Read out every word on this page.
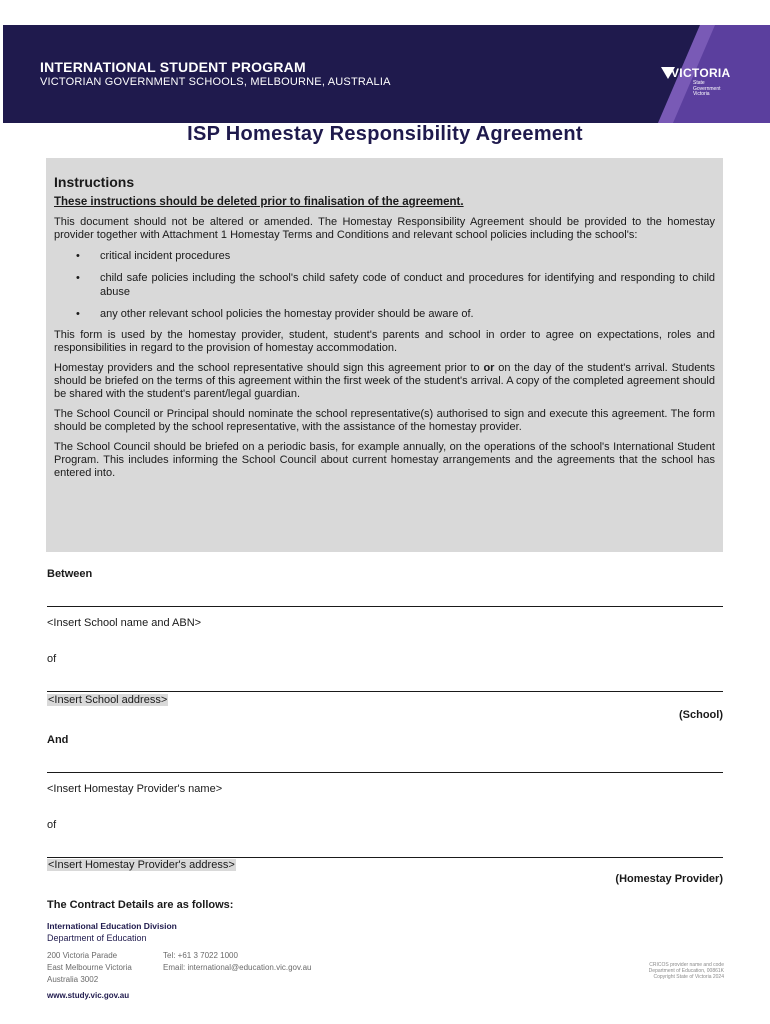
INTERNATIONAL STUDENT PROGRAM
VICTORIAN GOVERNMENT SCHOOLS, MELBOURNE, AUSTRALIA
VICTORIA
State
Government
Victoria
ISP Homestay Responsibility Agreement
Instructions
These instructions should be deleted prior to finalisation of the agreement.

This document should not be altered or amended. The Homestay Responsibility Agreement should be provided to the homestay provider together with Attachment 1 Homestay Terms and Conditions and relevant school policies including the school's:

• critical incident procedures
• child safe policies including the school's child safety code of conduct and procedures for identifying and responding to child abuse
• any other relevant school policies the homestay provider should be aware of.

This form is used by the homestay provider, student, student's parents and school in order to agree on expectations, roles and responsibilities in regard to the provision of homestay accommodation.

Homestay providers and the school representative should sign this agreement prior to or on the day of the student's arrival. Students should be briefed on the terms of this agreement within the first week of the student's arrival. A copy of the completed agreement should be shared with the student's parent/legal guardian.

The School Council or Principal should nominate the school representative(s) authorised to sign and execute this agreement. The form should be completed by the school representative, with the assistance of the homestay provider.

The School Council should be briefed on a periodic basis, for example annually, on the operations of the school's International Student Program. This includes informing the School Council about current homestay arrangements and the agreements that the school has entered into.

Between
<Insert School name and ABN>
of
<Insert School address>
(School)
And
<Insert Homestay Provider's name>
of
<Insert Homestay Provider's address>
(Homestay Provider)
The Contract Details are as follows:
International Education Division
Department of Education
200 Victoria Parade
East Melbourne Victoria
Australia 3002
Tel: +61 3 7022 1000
Email: international@education.vic.gov.au
www.study.vic.gov.au
CRICOS provider name and code
Department of Education, 00861K
Copyright State of Victoria 2024
